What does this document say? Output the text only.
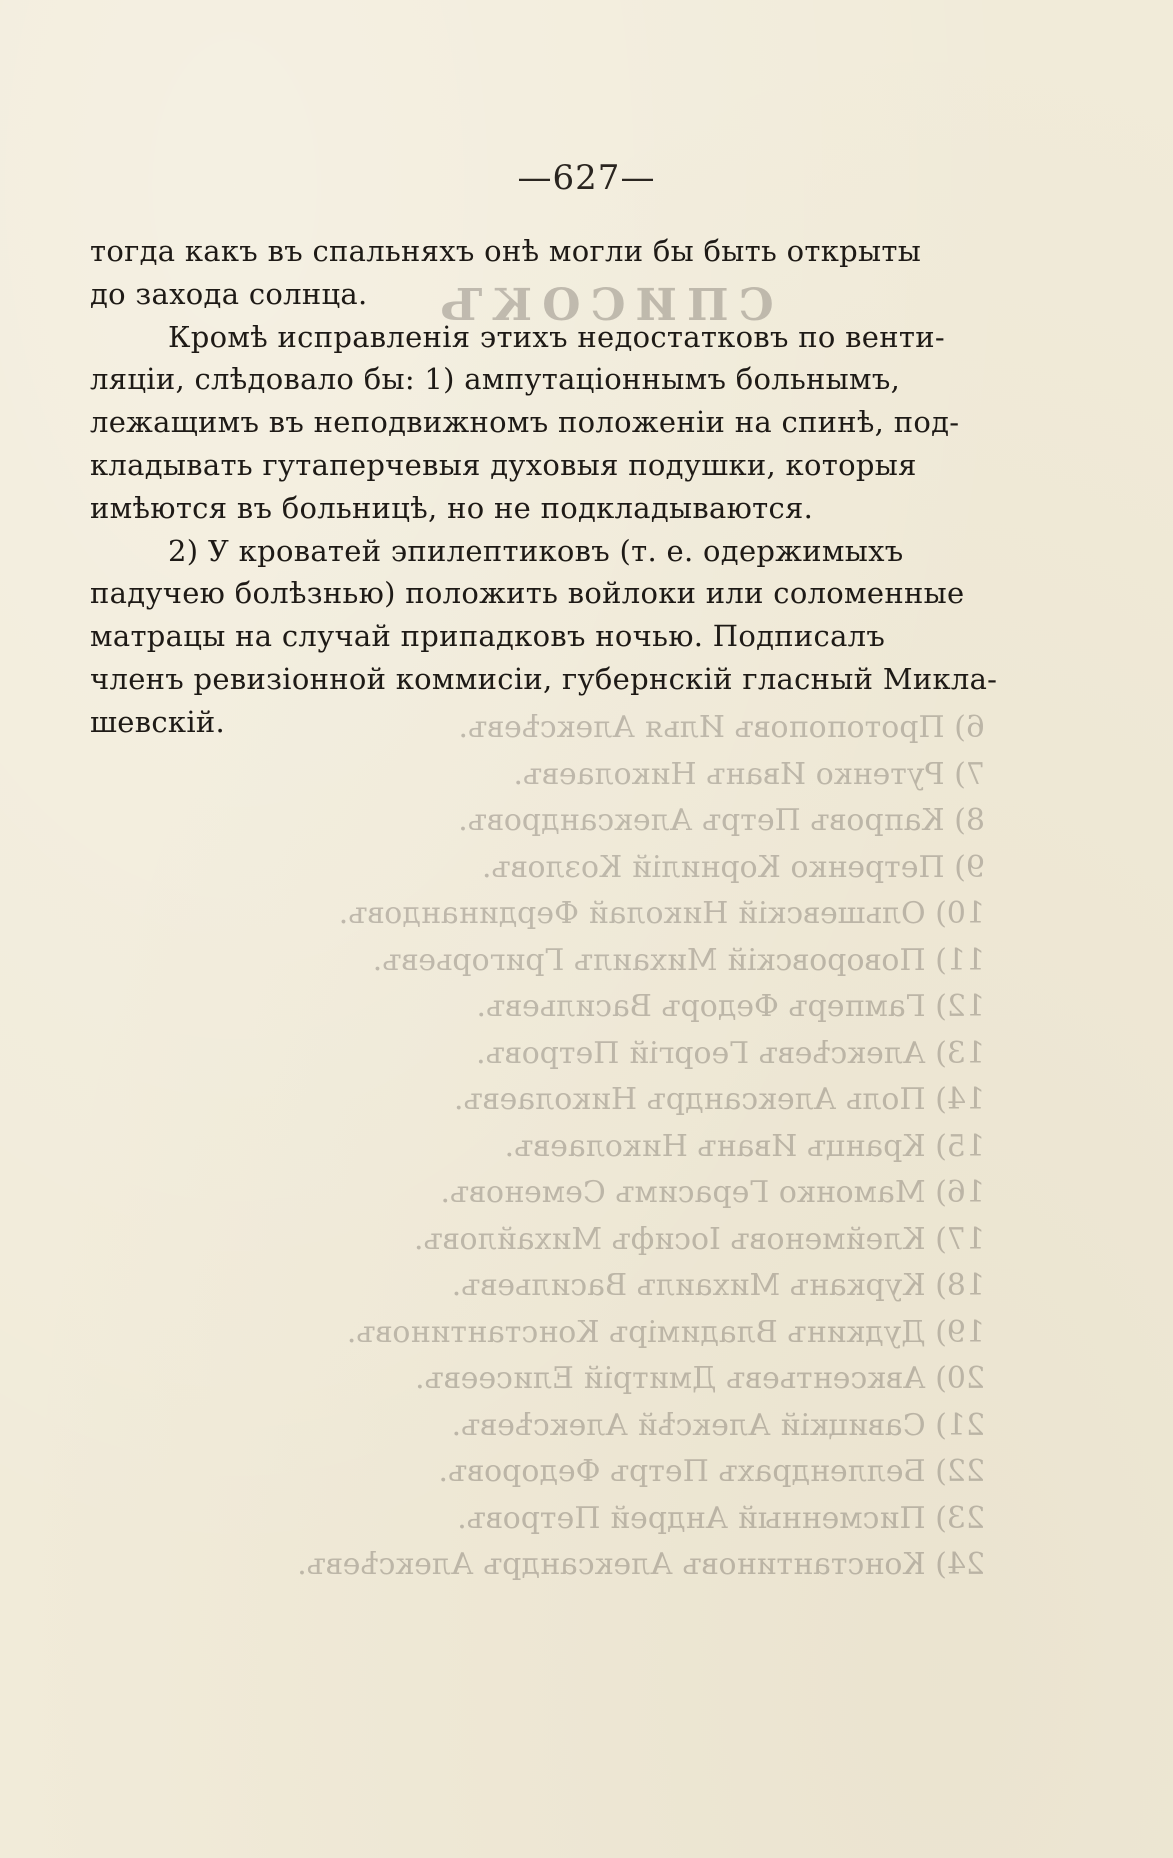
СПИСОКЪ
6) Протопоповъ Илья Алексѣевъ.
7) Рутенко Иванъ Николаевъ.
8) Капровъ Петръ Александровъ.
9) Петренко Корнилій Козловъ.
10) Ольшевскій Николай Фердинандовъ.
11) Поворовскій Михаилъ Григорьевъ.
12) Гамперъ Федоръ Васильевъ.
13) Алексѣевъ Георгій Петровъ.
14) Поль Александръ Николаевъ.
15) Кранцъ Иванъ Николаевъ.
16) Мамонко Герасимъ Семеновъ.
17) Клейменовъ Іосифъ Михайловъ.
18) Курканъ Михаилъ Васильевъ.
19) Дудкинъ Владиміръ Константиновъ.
20) Авксентьевъ Дмитрій Елисеевъ.
21) Савицкій Алексѣй Алексѣевъ.
22) Беллендрахъ Петръ Федоровъ.
23) Писменный Андрей Петровъ.
24) Константиновъ Александръ Алексѣевъ.
—627—
тогда какъ въ спальняхъ онѣ могли бы быть открыты
до захода солнца.
Кромѣ исправленія этихъ недостатковъ по венти-
ляціи, слѣдовало бы: 1) ампутаціоннымъ больнымъ,
лежащимъ въ неподвижномъ положеніи на спинѣ, под-
кладывать гутаперчевыя духовыя подушки, которыя
имѣются въ больницѣ, но не подкладываются.
2) У кроватей эпилептиковъ (т. е. одержимыхъ
падучею болѣзнью) положить войлоки или соломенные
матрацы на случай припадковъ ночью. Подписалъ
членъ ревизіонной коммисіи, губернскій гласный Микла-
шевскій.
